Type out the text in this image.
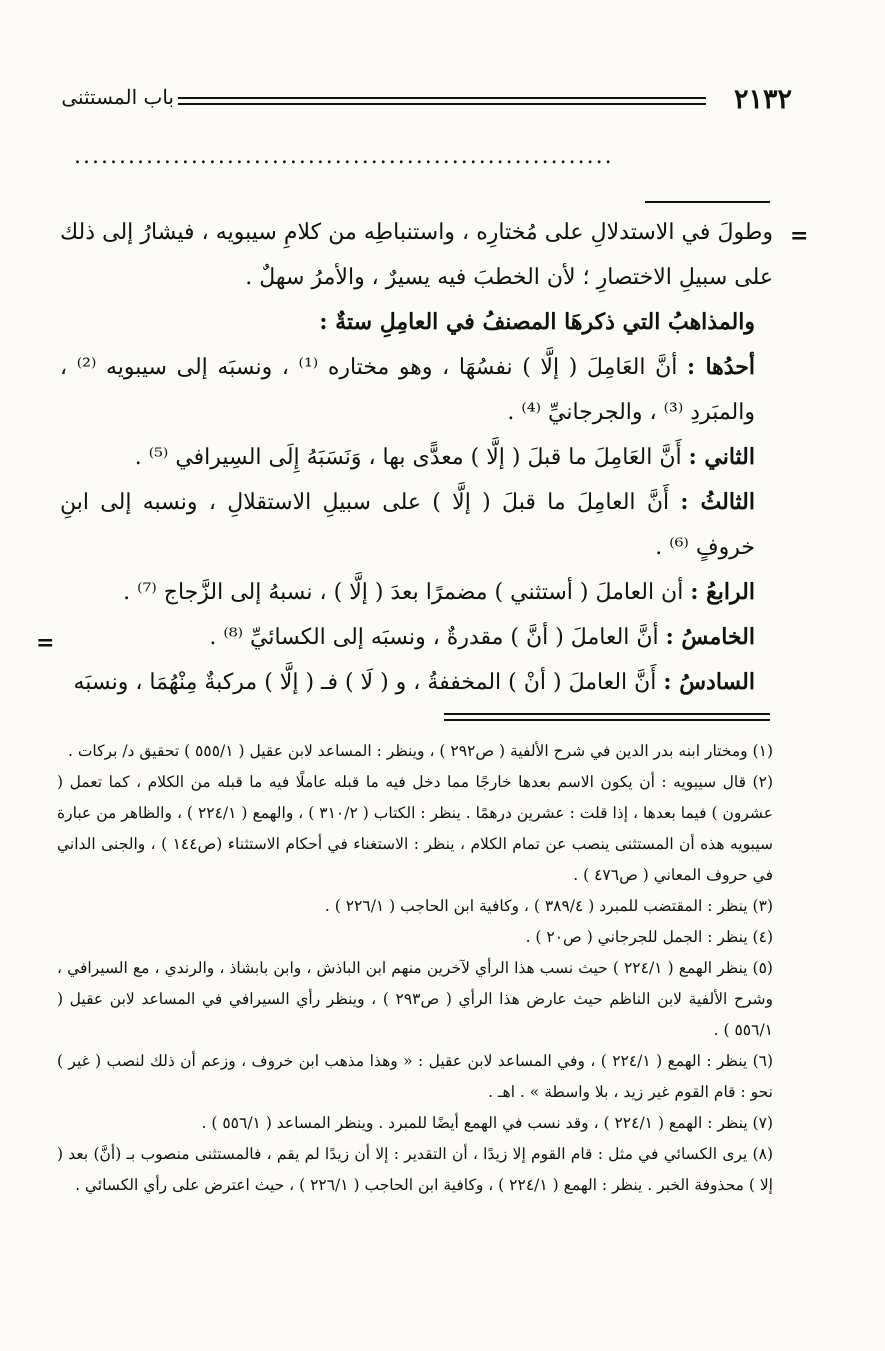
٢١٣٢
باب المستثنى
............................................................
=

وطولَ في الاستدلالِ على مُختارِه ، واستنباطِه من كلامِ سيبويه ، فيشارُ إلى ذلك على سبيلِ الاختصارِ ؛ لأن الخطبَ فيه يسيرٌ ، والأمرُ سهلٌ .

والمذاهبُ التي ذكرهَا المصنفُ في العامِلِ ستةٌ :

أحدُها : أنَّ العَامِلَ ( إلَّا ) نفسُهَا ، وهو مختاره ⁽¹⁾ ، ونسبَه إلى سيبويه ⁽²⁾ ، والمبَردِ ⁽³⁾ ، والجرجانيِّ ⁽⁴⁾ .

الثاني : أَنَّ العَامِلَ ما قبلَ ( إلَّا ) معدًّى بها ، وَنَسَبَهُ إِلَى السِيرافي ⁽⁵⁾ .

الثالثُ : أَنَّ العامِلَ ما قبلَ ( إلَّا ) على سبيلِ الاستقلالِ ، ونسبه إلى ابنِ خروفٍ ⁽⁶⁾ .

الرابعُ : أن العاملَ ( أستثني ) مضمرًا بعدَ ( إلَّا ) ، نسبهُ إلى الزَّجاج ⁽⁷⁾ .

الخامسُ : أنَّ العاملَ ( أنَّ ) مقدرةٌ ، ونسبَه إلى الكسائيِّ ⁽⁸⁾ .

السادسُ : أَنَّ العاملَ ( أنْ ) المخففةُ ، و ( لَا ) فـ ( إلَّا ) مركبةٌ مِنْهُمَا ، ونسبَه

=

(١) ومختار ابنه بدر الدين في شرح الألفية ( ص٢٩٢ ) ، وينظر : المساعد لابن عقيل ( ٥٥٥/١ ) تحقيق د/ بركات .

(٢) قال سيبويه : أن يكون الاسم بعدها خارجًا مما دخل فيه ما قبله عاملًا فيه ما قبله من الكلام ، كما تعمل ( عشرون ) فيما بعدها ، إذا قلت : عشرين درهمًا . ينظر : الكتاب ( ٣١٠/٢ ) ، والهمع ( ٢٢٤/١ ) ، والظاهر من عبارة سيبويه هذه أن المستثنى ينصب عن تمام الكلام ، ينظر : الاستغناء في أحكام الاستثناء (ص١٤٤ ) ، والجنى الداني في حروف المعاني ( ص٤٧٦ ) .

(٣) ينظر : المقتضب للمبرد ( ٣٨٩/٤ ) ، وكافية ابن الحاجب ( ٢٢٦/١ ) .

(٤) ينظر : الجمل للجرجاني ( ص٢٠ ) .

(٥) ينظر الهمع ( ٢٢٤/١ ) حيث نسب هذا الرأي لآخرين منهم ابن الباذش ، وابن بابشاذ ، والرندي ، مع السيرافي ، وشرح الألفية لابن الناظم حيث عارض هذا الرأي ( ص٢٩٣ ) ، وينظر رأي السيرافي في المساعد لابن عقيل ( ٥٥٦/١ ) .

(٦) ينظر : الهمع ( ٢٢٤/١ ) ، وفي المساعد لابن عقيل : « وهذا مذهب ابن خروف ، وزعم أن ذلك لنصب ( غير ) نحو : قام القوم غير زيد ، بلا واسطة » . اهـ .

(٧) ينظر : الهمع ( ٢٢٤/١ ) ، وقد نسب في الهمع أيضًا للمبرد . وينظر المساعد ( ٥٥٦/١ ) .

(٨) يرى الكسائي في مثل : قام القوم إلا زيدًا ، أن التقدير : إلا أن زيدًا لم يقم ، فالمستثنى منصوب بـ (أنَّ) بعد ( إلا ) محذوفة الخبر . ينظر : الهمع ( ٢٢٤/١ ) ، وكافية ابن الحاجب ( ٢٢٦/١ ) ، حيث اعترض على رأي الكسائي .
